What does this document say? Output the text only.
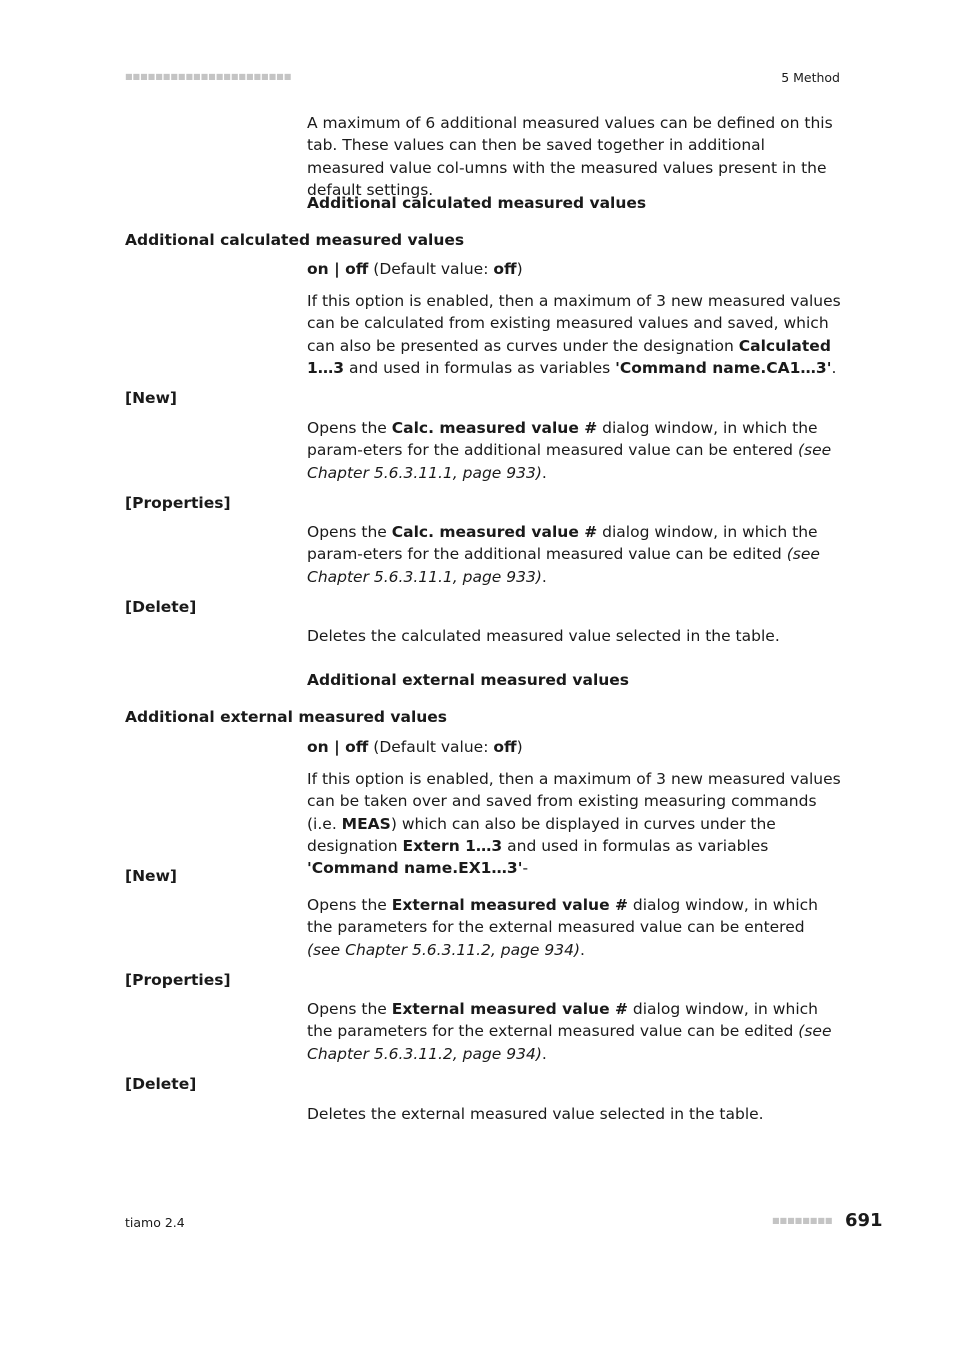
■■■■■■■■■■■■■■■■■■■■■■	5 Method
A maximum of 6 additional measured values can be defined on this tab. These values can then be saved together in additional measured value col-umns with the measured values present in the default settings.
Additional calculated measured values
Additional calculated measured values
on | off (Default value: off)
If this option is enabled, then a maximum of 3 new measured values can be calculated from existing measured values and saved, which can also be presented as curves under the designation Calculated 1…3 and used in formulas as variables 'Command name.CA1…3'.
[New]
Opens the Calc. measured value # dialog window, in which the param-eters for the additional measured value can be entered (see Chapter 5.6.3.11.1, page 933).
[Properties]
Opens the Calc. measured value # dialog window, in which the param-eters for the additional measured value can be edited (see Chapter 5.6.3.11.1, page 933).
[Delete]
Deletes the calculated measured value selected in the table.
Additional external measured values
Additional external measured values
on | off (Default value: off)
If this option is enabled, then a maximum of 3 new measured values can be taken over and saved from existing measuring commands (i.e. MEAS) which can also be displayed in curves under the designation Extern 1…3 and used in formulas as variables 'Command name.EX1…3'-
[New]
Opens the External measured value # dialog window, in which the parameters for the external measured value can be entered (see Chapter 5.6.3.11.2, page 934).
[Properties]
Opens the External measured value # dialog window, in which the parameters for the external measured value can be edited (see Chapter 5.6.3.11.2, page 934).
[Delete]
Deletes the external measured value selected in the table.
tiamo 2.4	■■■■■■■■ 691
